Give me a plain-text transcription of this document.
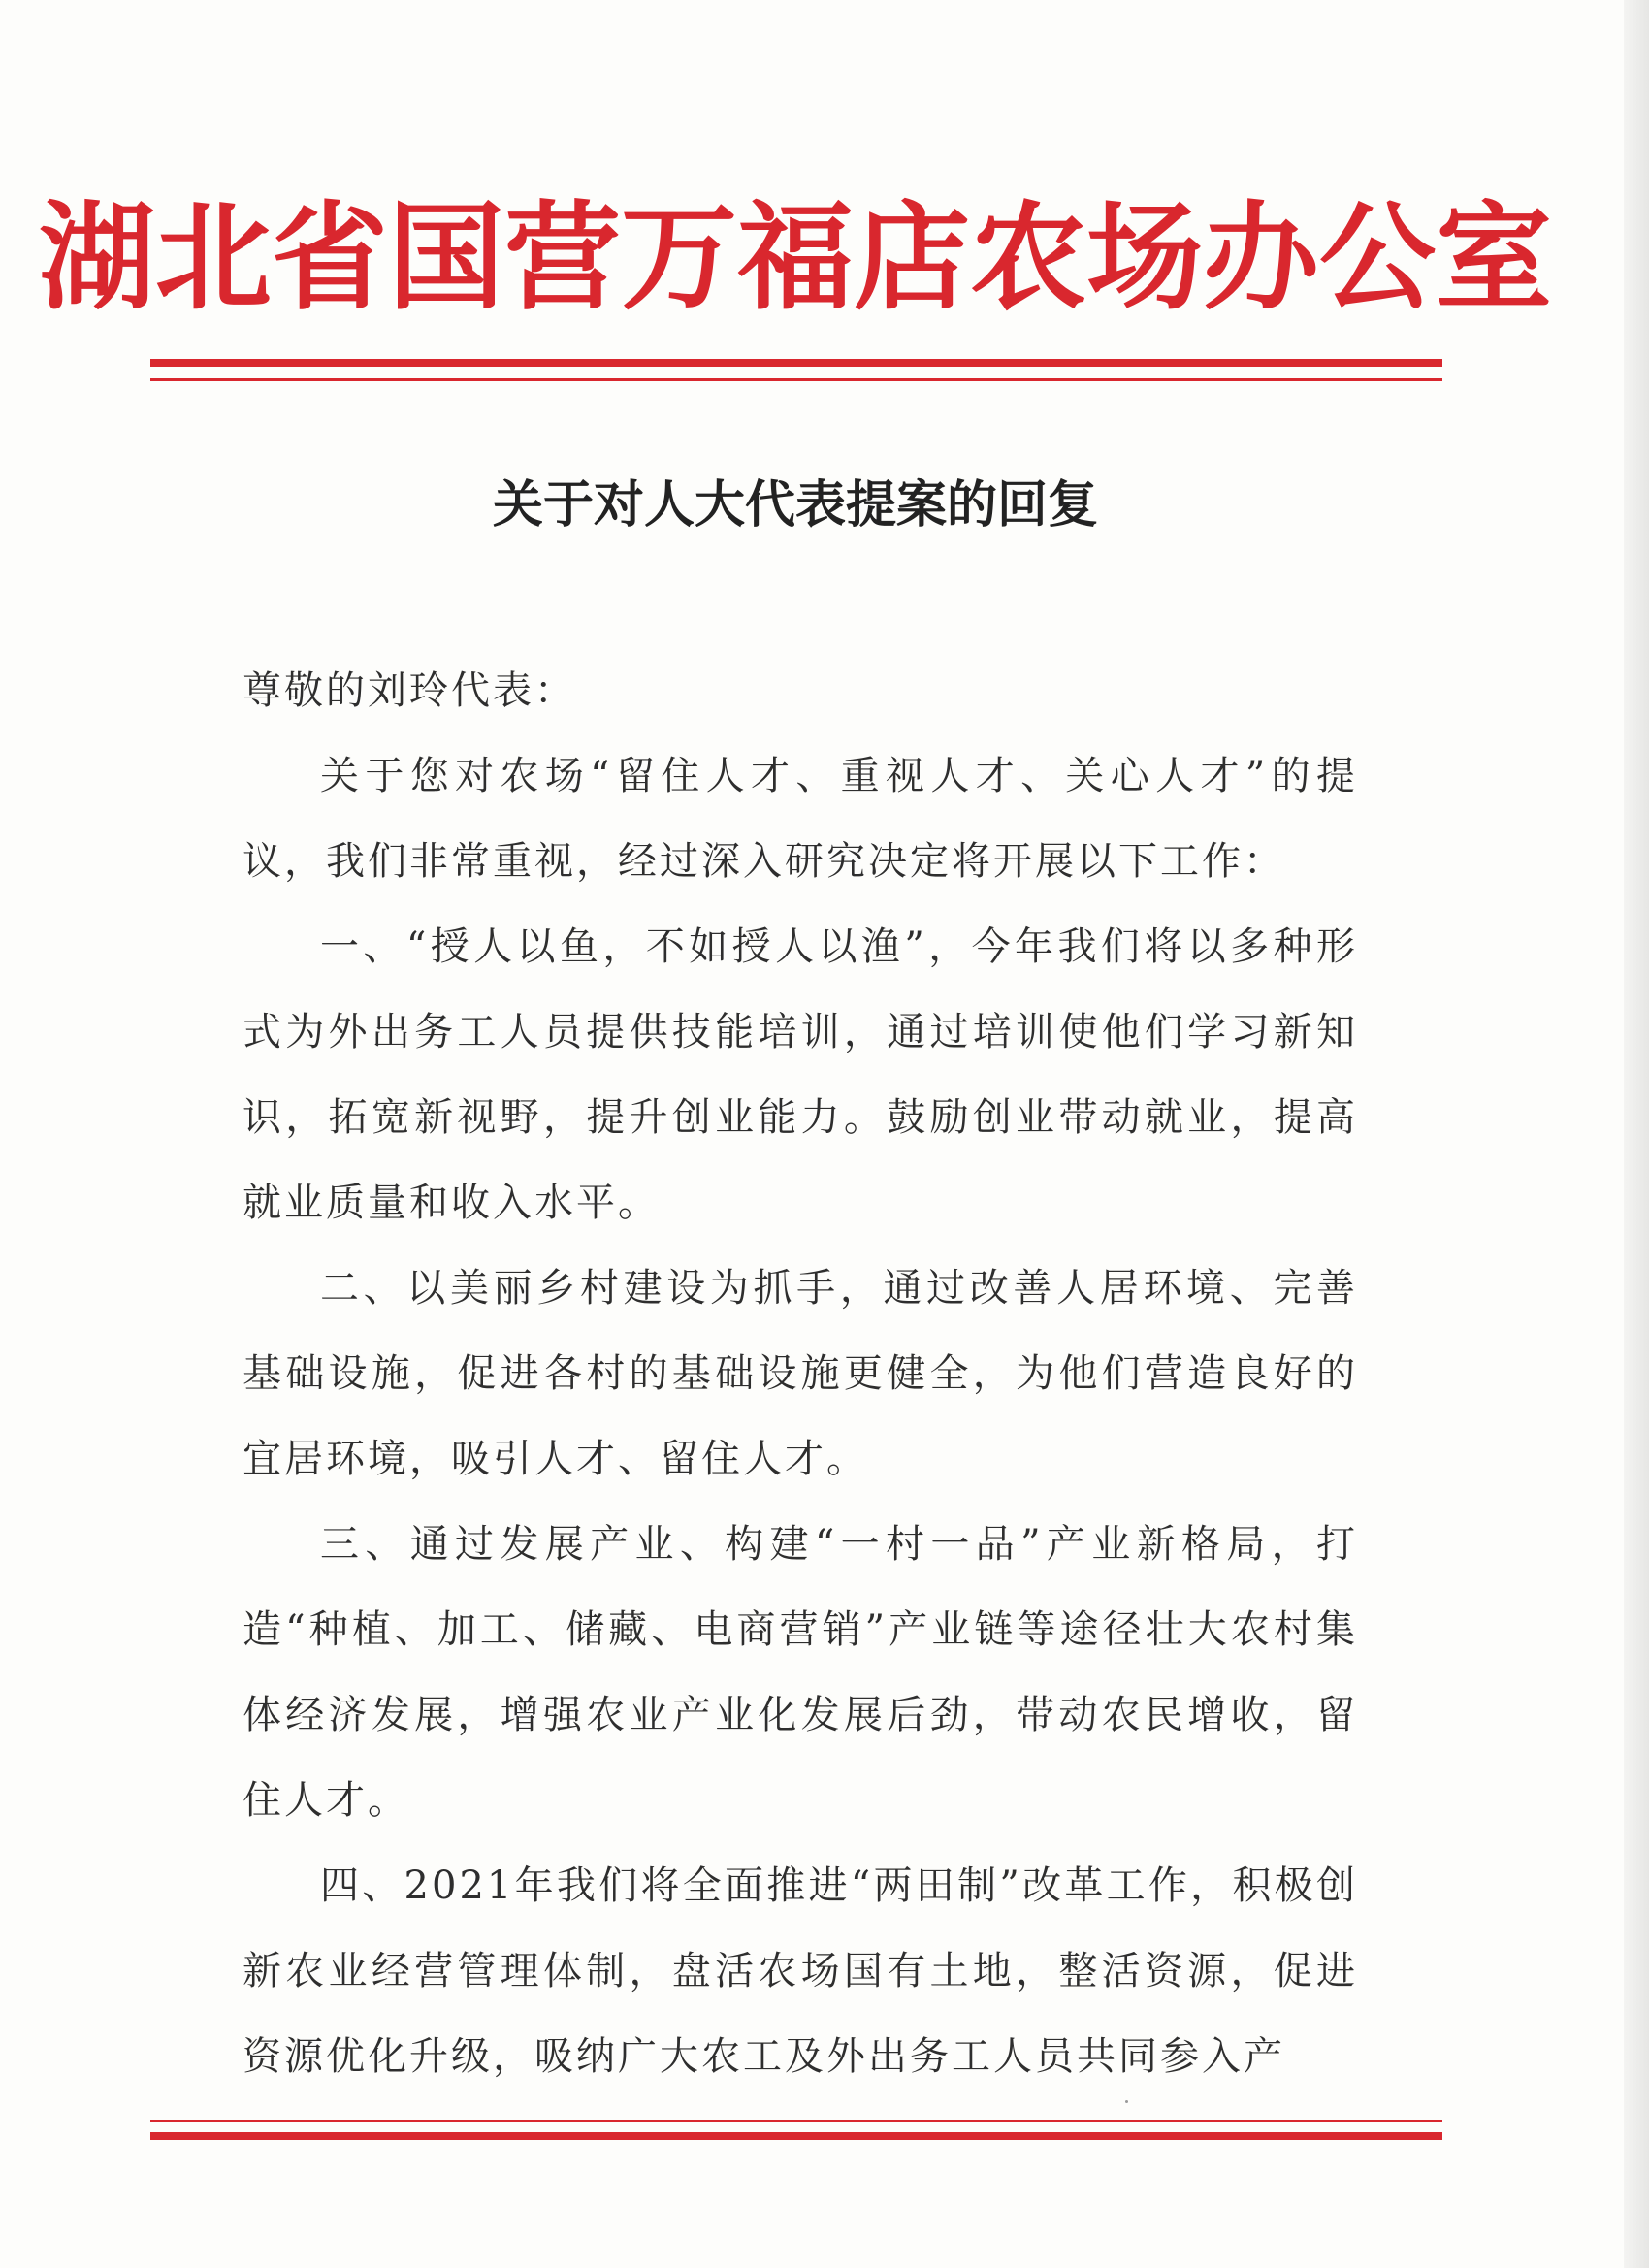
湖北省国营万福店农场办公室
关于对人大代表提案的回复

尊敬的刘玲代表：

关于您对农场“留住人才、重视人才、关心人才”的提议，我们非常重视，经过深入研究决定将开展以下工作：

一、“授人以鱼，不如授人以渔”，今年我们将以多种形式为外出务工人员提供技能培训，通过培训使他们学习新知识，拓宽新视野，提升创业能力。鼓励创业带动就业，提高就业质量和收入水平。

二、以美丽乡村建设为抓手，通过改善人居环境、完善基础设施，促进各村的基础设施更健全，为他们营造良好的宜居环境，吸引人才、留住人才。

三、通过发展产业、构建“一村一品”产业新格局，打造“种植、加工、储藏、电商营销”产业链等途径壮大农村集体经济发展，增强农业产业化发展后劲，带动农民增收，留住人才。

四、2021年我们将全面推进“两田制”改革工作，积极创新农业经营管理体制，盘活农场国有土地，整活资源，促进资源优化升级，吸纳广大农工及外出务工人员共同参入产
